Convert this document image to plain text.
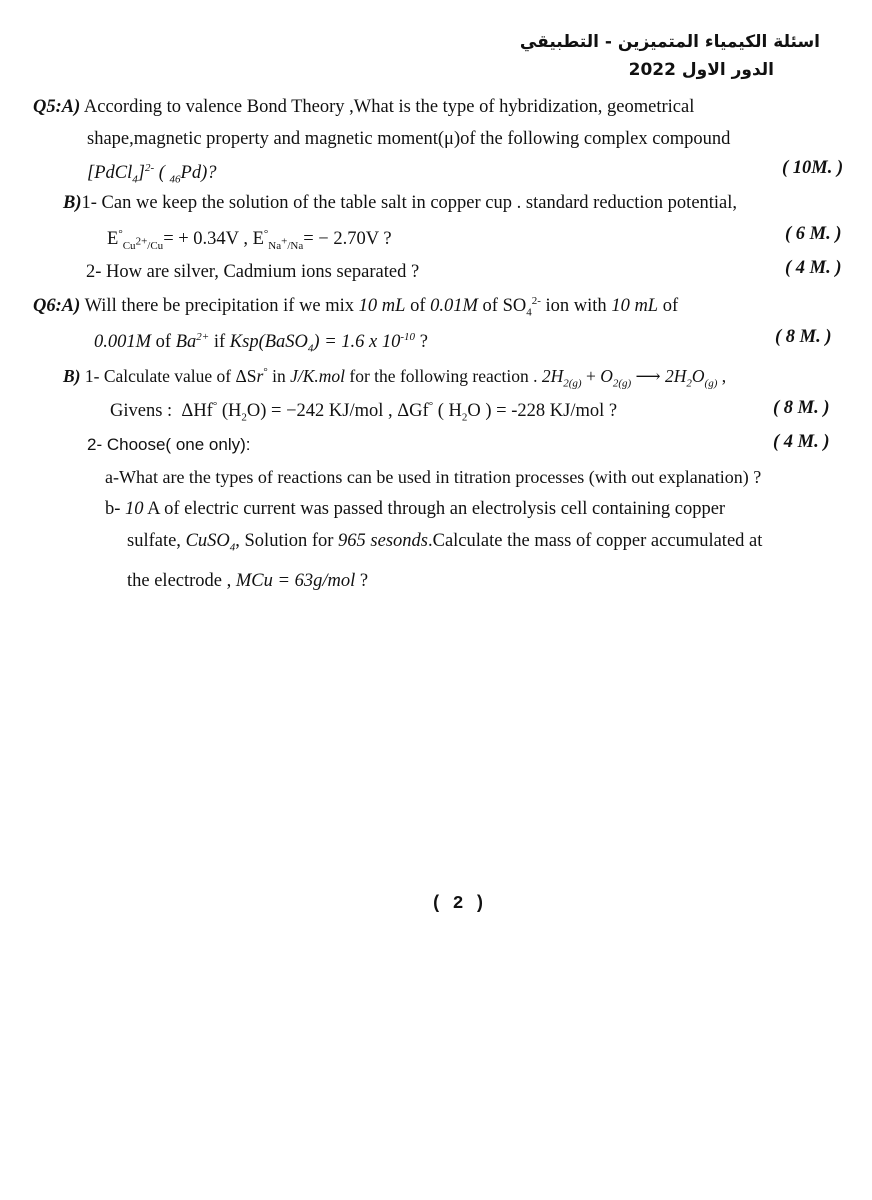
اسئلة الكيمياء المتميزين - التطبيقي
الدور الاول 2022
Q5:A) According to valence Bond Theory ,What is the type of hybridization, geometrical
shape,magnetic property and magnetic moment(μ)of the following complex compound
[PdCl$_4$]$^{2-}$ ( $_{46}$Pd)?	( 10M. )
B)1- Can we keep the solution of the table salt in copper cup . standard reduction potential,
$E^\circ_{Cu^{2+}/Cu}= + 0.34V$ , $E^\circ_{Na^+/Na}= - 2.70V$ ?	( 6 M. )
2- How are silver, Cadmium ions separated ?	( 4 M. )
Q6:A) Will there be precipitation if we mix 10 mL of 0.01M of $SO_4^{2-}$ ion with 10 mL of
0.001M of $Ba^{2+}$ if Ksp(BaSO$_4$) = 1.6 x $10^{-10}$ ?	( 8 M. )
B) 1- Calculate value of ΔSr° in J/K.mol for the following reaction . $2H_{2(g)} + O_{2(g)}$ ⟶ $2H_2O_{(g)}$ ,
Givens :  ΔHf° $(H_2O) = -242$ KJ/mol , ΔGf° ( $H_2O$ ) = -228 KJ/mol ?	( 8 M. )
2- Choose( one only):	( 4 M. )
a-What are the types of reactions can be used in titration processes (with out explanation) ?
b- 10 A of electric current was passed through an electrolysis cell containing copper
sulfate, CuSO$_4$, Solution for 965 sesonds.Calculate the mass of copper accumulated at
the electrode , MCu = 63g/mol ?
( 2 )
